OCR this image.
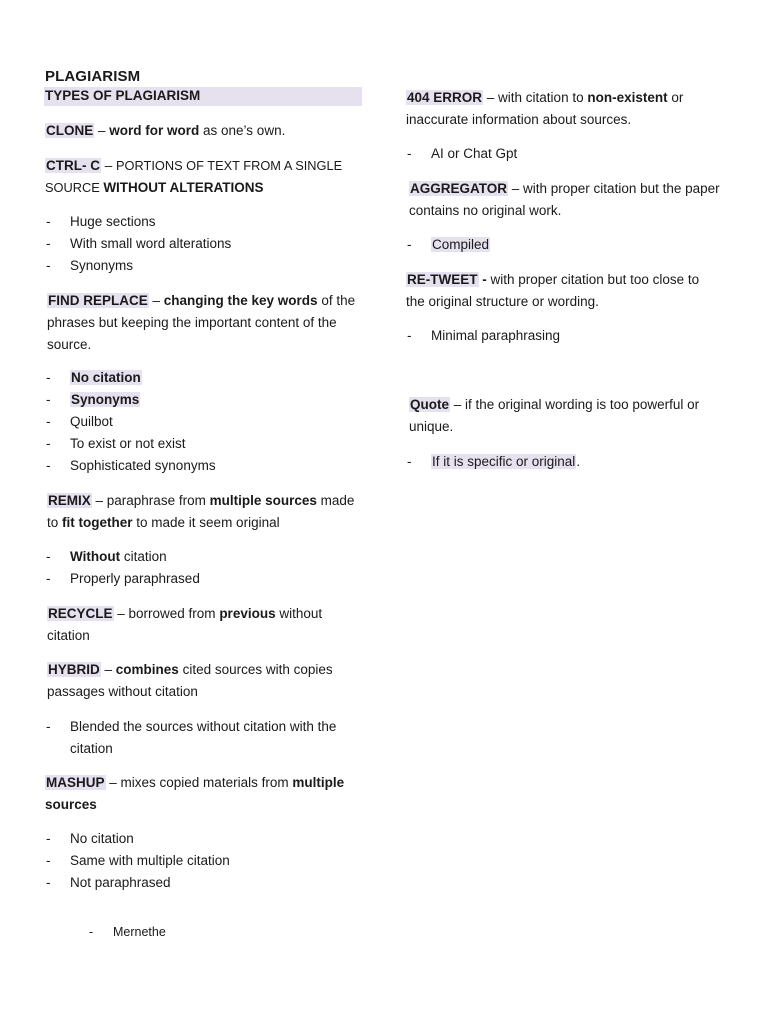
PLAGIARISM
TYPES OF PLAGIARISM
CLONE – word for word as one’s own.
CTRL- C – PORTIONS OF TEXT FROM A SINGLE
SOURCE WITHOUT ALTERATIONS
- Huge sections
- With small word alterations
- Synonyms
FIND REPLACE – changing the key words of the
phrases but keeping the important content of the
source.
- No citation
- Synonyms
- Quilbot
- To exist or not exist
- Sophisticated synonyms
REMIX – paraphrase from multiple sources made
to fit together to made it seem original
- Without citation
- Properly paraphrased
RECYCLE – borrowed from previous without
citation
HYBRID – combines cited sources with copies
passages without citation
- Blended the sources without citation with the
citation
MASHUP – mixes copied materials from multiple
sources
- No citation
- Same with multiple citation
- Not paraphrased
- Mernethe
404 ERROR – with citation to non-existent or
inaccurate information about sources.
- AI or Chat Gpt
AGGREGATOR – with proper citation but the paper
contains no original work.
- Compiled
RE-TWEET - with proper citation but too close to
the original structure or wording.
- Minimal paraphrasing
Quote – if the original wording is too powerful or
unique.
- If it is specific or original.
